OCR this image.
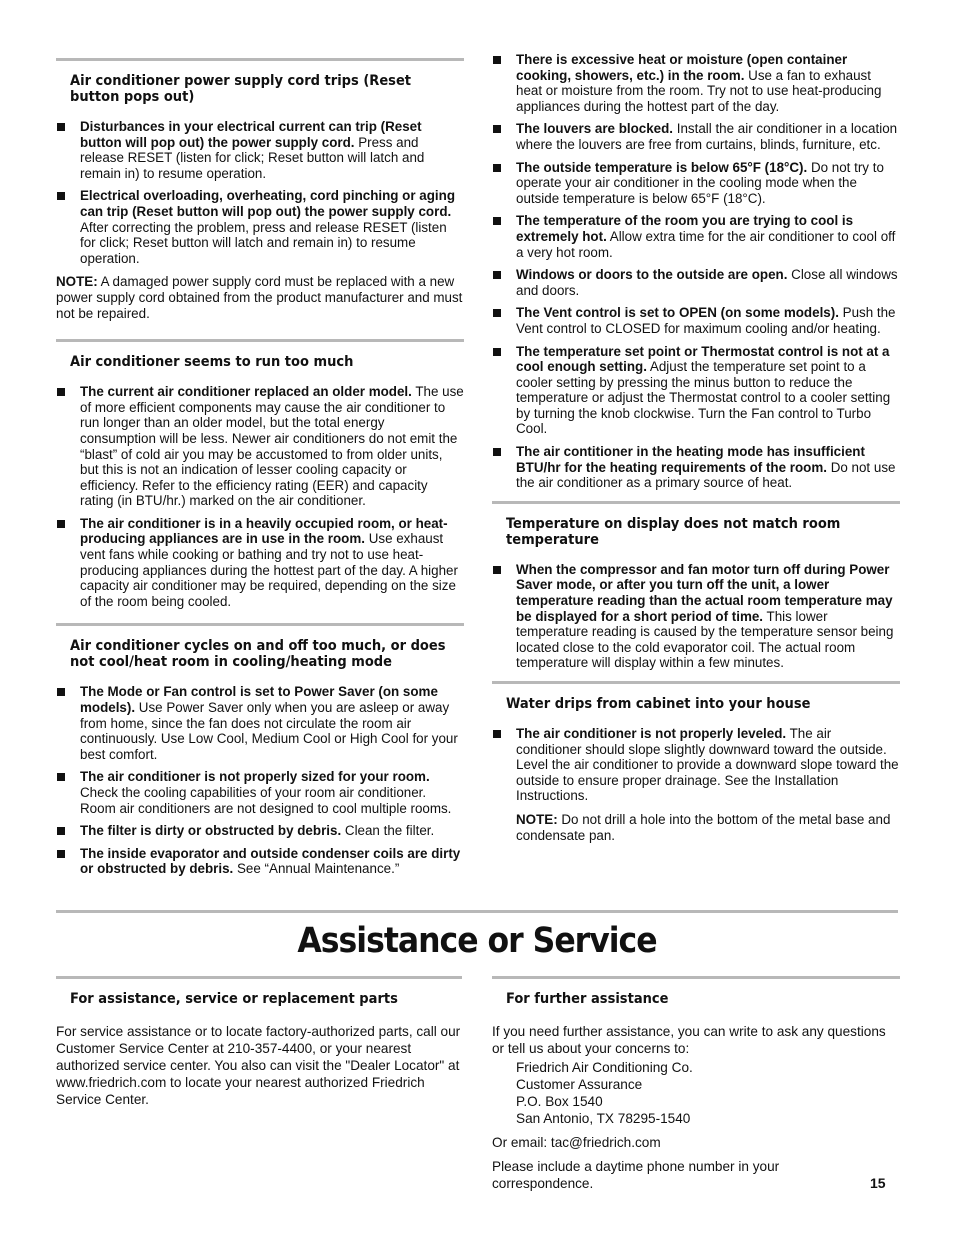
Air conditioner power supply cord trips (Reset button pops out)
Disturbances in your electrical current can trip (Reset button will pop out) the power supply cord. Press and release RESET (listen for click; Reset button will latch and remain in) to resume operation.
Electrical overloading, overheating, cord pinching or aging can trip (Reset button will pop out) the power supply cord. After correcting the problem, press and release RESET (listen for click; Reset button will latch and remain in) to resume operation.

NOTE: A damaged power supply cord must be replaced with a new power supply cord obtained from the product manufacturer and must not be repaired.

Air conditioner seems to run too much
The current air conditioner replaced an older model. The use of more efficient components may cause the air conditioner to run longer than an older model, but the total energy consumption will be less. Newer air conditioners do not emit the “blast” of cold air you may be accustomed to from older units, but this is not an indication of lesser cooling capacity or efficiency. Refer to the efficiency rating (EER) and capacity rating (in BTU/hr.) marked on the air conditioner.
The air conditioner is in a heavily occupied room, or heat-producing appliances are in use in the room. Use exhaust vent fans while cooking or bathing and try not to use heat-producing appliances during the hottest part of the day. A higher capacity air conditioner may be required, depending on the size of the room being cooled.
Air conditioner cycles on and off too much, or does not cool/heat room in cooling/heating mode
The Mode or Fan control is set to Power Saver (on some models). Use Power Saver only when you are asleep or away from home, since the fan does not circulate the room air continuously. Use Low Cool, Medium Cool or High Cool for your best comfort.
The air conditioner is not properly sized for your room. Check the cooling capabilities of your room air conditioner. Room air conditioners are not designed to cool multiple rooms.
The filter is dirty or obstructed by debris. Clean the filter.
The inside evaporator and outside condenser coils are dirty or obstructed by debris. See “Annual Maintenance.”
There is excessive heat or moisture (open container cooking, showers, etc.) in the room. Use a fan to exhaust heat or moisture from the room. Try not to use heat-producing appliances during the hottest part of the day.
The louvers are blocked. Install the air conditioner in a location where the louvers are free from curtains, blinds, furniture, etc.
The outside temperature is below 65°F (18°C). Do not try to operate your air conditioner in the cooling mode when the outside temperature is below 65°F (18°C).
The temperature of the room you are trying to cool is extremely hot. Allow extra time for the air conditioner to cool off a very hot room.
Windows or doors to the outside are open. Close all windows and doors.
The Vent control is set to OPEN (on some models). Push the Vent control to CLOSED for maximum cooling and/or heating.
The temperature set point or Thermostat control is not at a cool enough setting. Adjust the temperature set point to a cooler setting by pressing the minus button to reduce the temperature or adjust the Thermostat control to a cooler setting by turning the knob clockwise. Turn the Fan control to Turbo Cool.
The air contitioner in the heating mode has insufficient BTU/hr for the heating requirements of the room. Do not use the air conditioner as a primary source of heat.
Temperature on display does not match room temperature
When the compressor and fan motor turn off during Power Saver mode, or after you turn off the unit, a lower temperature reading than the actual room temperature may be displayed for a short period of time. This lower temperature reading is caused by the temperature sensor being located close to the cold evaporator coil. The actual room temperature will display within a few minutes.
Water drips from cabinet into your house
The air conditioner is not properly leveled. The air conditioner should slope slightly downward toward the outside. Level the air conditioner to provide a downward slope toward the outside to ensure proper drainage. See the Installation Instructions.

NOTE: Do not drill a hole into the bottom of the metal base and condensate pan.

Assistance or Service
For assistance, service or replacement parts

For service assistance or to locate factory-authorized parts, call our Customer Service Center at 210-357-4400, or your nearest authorized service center. You also can visit the "Dealer Locator" at www.friedrich.com to locate your nearest authorized Friedrich Service Center.

For further assistance

If you need further assistance, you can write to ask any questions or tell us about your concerns to:

Friedrich Air Conditioning Co.
Customer Assurance
P.O. Box 1540
San Antonio, TX 78295-1540

Or email: tac@friedrich.com

Please include a daytime phone number in your correspondence.	15
